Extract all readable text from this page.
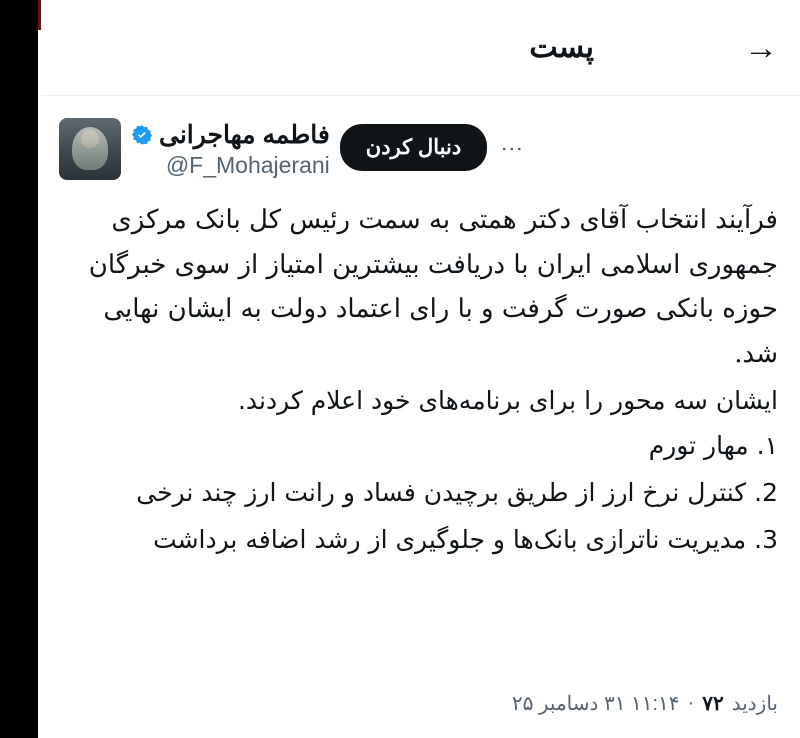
→
پست
فاطمه مهاجرانی
@F_Mohajerani
⋮
دنبال کردن

فرآیند انتخاب آقای دکتر همتی به سمت رئیس کل بانک مرکزی جمهوری اسلامی ایران با دریافت بیشترین امتیاز از سوی خبرگان حوزه بانکی صورت گرفت و با رای اعتماد دولت به ایشان نهایی شد.

ایشان سه محور را برای برنامه‌های خود اعلام کردند.

۱. مهار تورم

2. کنترل نرخ ارز از طریق برچیدن فساد و رانت ارز چند نرخی

3. مدیریت ناترازی بانک‌ها و جلوگیری از رشد اضافه برداشت

بازدید
۷۲
·
۱۱:۱۴ ۳۱ دسامبر ۲۵
